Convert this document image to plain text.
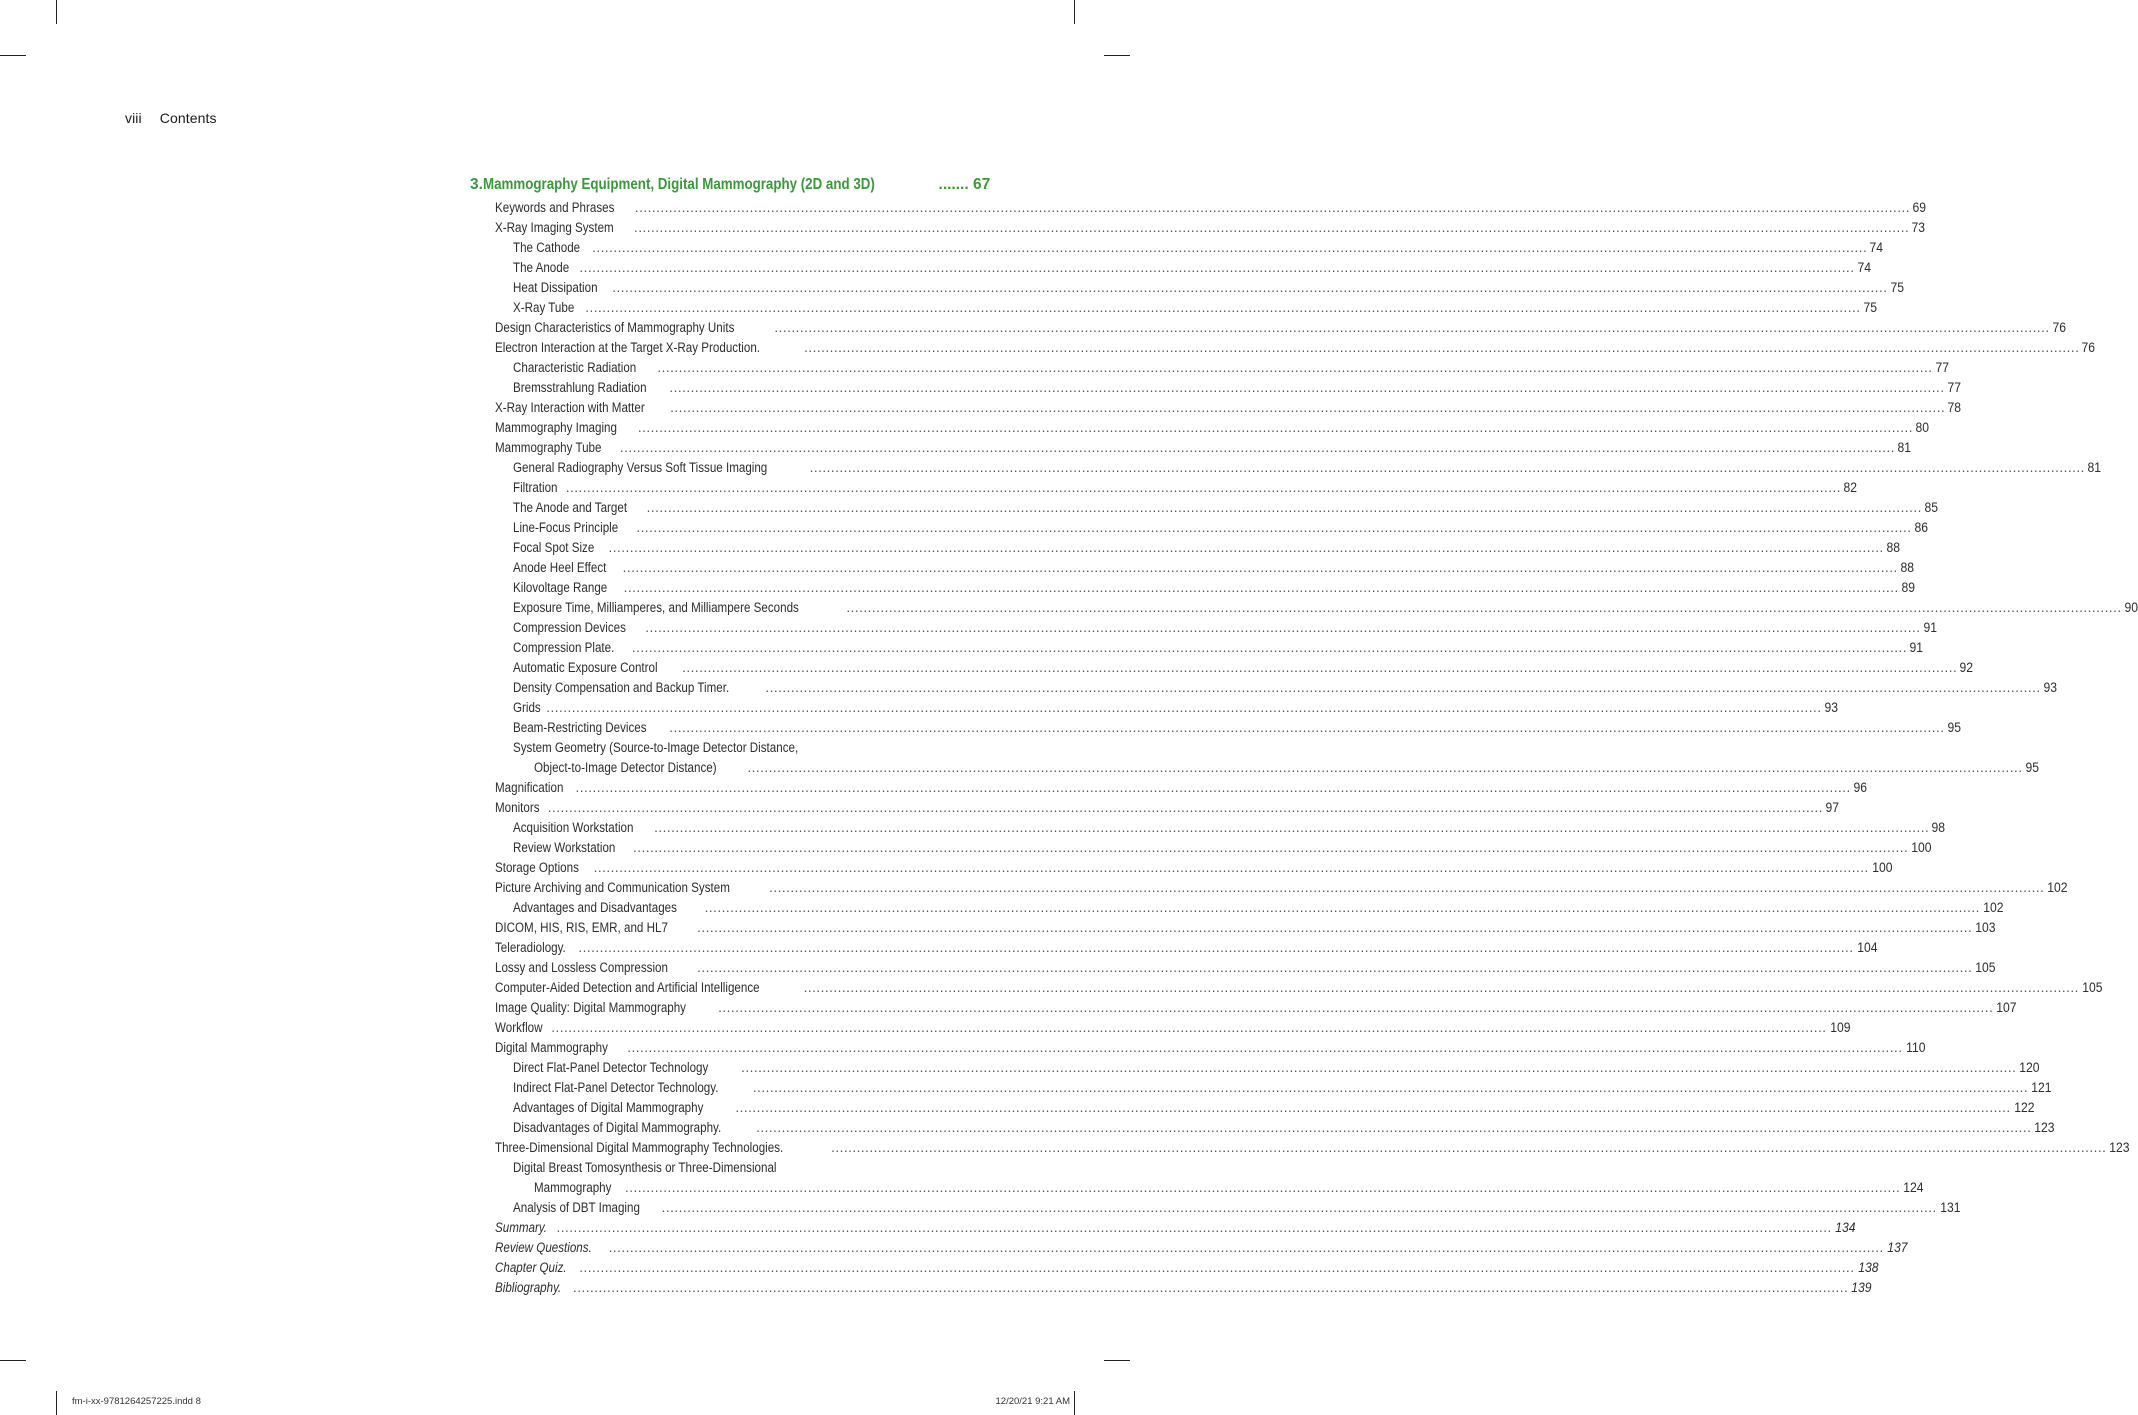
viii Contents
3. Mammography Equipment, Digital Mammography (2D and 3D)	....... 67
Keywords and Phrases ............................................................................................................................................................................................................................................................................................................ 69
X-Ray Imaging System ............................................................................................................................................................................................................................................................................................................ 73
The Cathode ............................................................................................................................................................................................................................................................................................................ 74
The Anode ............................................................................................................................................................................................................................................................................................................ 74
Heat Dissipation ............................................................................................................................................................................................................................................................................................................ 75
X-Ray Tube ............................................................................................................................................................................................................................................................................................................ 75
Design Characteristics of Mammography Units	............................................................................................................................................................................................................................................................................................................ 76
Electron Interaction at the Target X-Ray Production.	............................................................................................................................................................................................................................................................................................................ 76
Characteristic Radiation ............................................................................................................................................................................................................................................................................................................ 77
Bremsstrahlung Radiation ............................................................................................................................................................................................................................................................................................................ 77
X-Ray Interaction with Matter ............................................................................................................................................................................................................................................................................................................ 78
Mammography Imaging ............................................................................................................................................................................................................................................................................................................ 80
Mammography Tube ............................................................................................................................................................................................................................................................................................................ 81
General Radiography Versus Soft Tissue Imaging	............................................................................................................................................................................................................................................................................................................ 81
Filtration ............................................................................................................................................................................................................................................................................................................ 82
The Anode and Target ............................................................................................................................................................................................................................................................................................................ 85
Line-Focus Principle ............................................................................................................................................................................................................................................................................................................ 86
Focal Spot Size ............................................................................................................................................................................................................................................................................................................ 88
Anode Heel Effect ............................................................................................................................................................................................................................................................................................................ 88
Kilovoltage Range ............................................................................................................................................................................................................................................................................................................ 89
Exposure Time, Milliamperes, and Milliampere Seconds	............................................................................................................................................................................................................................................................................................................ 90
Compression Devices ............................................................................................................................................................................................................................................................................................................ 91
Compression Plate. ............................................................................................................................................................................................................................................................................................................ 91
Automatic Exposure Control ............................................................................................................................................................................................................................................................................................................ 92
Density Compensation and Backup Timer.	............................................................................................................................................................................................................................................................................................................ 93
Grids ............................................................................................................................................................................................................................................................................................................ 93
Beam-Restricting Devices ............................................................................................................................................................................................................................................................................................................ 95
System Geometry (Source-to-Image Detector Distance,
Object-to-Image Detector Distance) ............................................................................................................................................................................................................................................................................................................ 95
Magnification ............................................................................................................................................................................................................................................................................................................ 96
Monitors ............................................................................................................................................................................................................................................................................................................ 97
Acquisition Workstation ............................................................................................................................................................................................................................................................................................................ 98
Review Workstation ............................................................................................................................................................................................................................................................................................................ 100
Storage Options ............................................................................................................................................................................................................................................................................................................ 100
Picture Archiving and Communication System	............................................................................................................................................................................................................................................................................................................ 102
Advantages and Disadvantages ............................................................................................................................................................................................................................................................................................................ 102
DICOM, HIS, RIS, EMR, and HL7 ............................................................................................................................................................................................................................................................................................................ 103
Teleradiology. ............................................................................................................................................................................................................................................................................................................ 104
Lossy and Lossless Compression ............................................................................................................................................................................................................................................................................................................ 105
Computer-Aided Detection and Artificial Intelligence	............................................................................................................................................................................................................................................................................................................ 105
Image Quality: Digital Mammography ............................................................................................................................................................................................................................................................................................................ 107
Workflow ............................................................................................................................................................................................................................................................................................................ 109
Digital Mammography ............................................................................................................................................................................................................................................................................................................ 110
Direct Flat-Panel Detector Technology ............................................................................................................................................................................................................................................................................................................ 120
Indirect Flat-Panel Detector Technology.	............................................................................................................................................................................................................................................................................................................ 121
Advantages of Digital Mammography ............................................................................................................................................................................................................................................................................................................ 122
Disadvantages of Digital Mammography.	............................................................................................................................................................................................................................................................................................................ 123
Three-Dimensional Digital Mammography Technologies.	............................................................................................................................................................................................................................................................................................................ 123
Digital Breast Tomosynthesis or Three-Dimensional
Mammography ............................................................................................................................................................................................................................................................................................................ 124
Analysis of DBT Imaging ............................................................................................................................................................................................................................................................................................................ 131
Summary. ............................................................................................................................................................................................................................................................................................................ 134
Review Questions. ............................................................................................................................................................................................................................................................................................................ 137
Chapter Quiz. ............................................................................................................................................................................................................................................................................................................ 138
Bibliography. ............................................................................................................................................................................................................................................................................................................ 139
fm-i-xx-9781264257225.indd 8	12/20/21 9:21 AM
